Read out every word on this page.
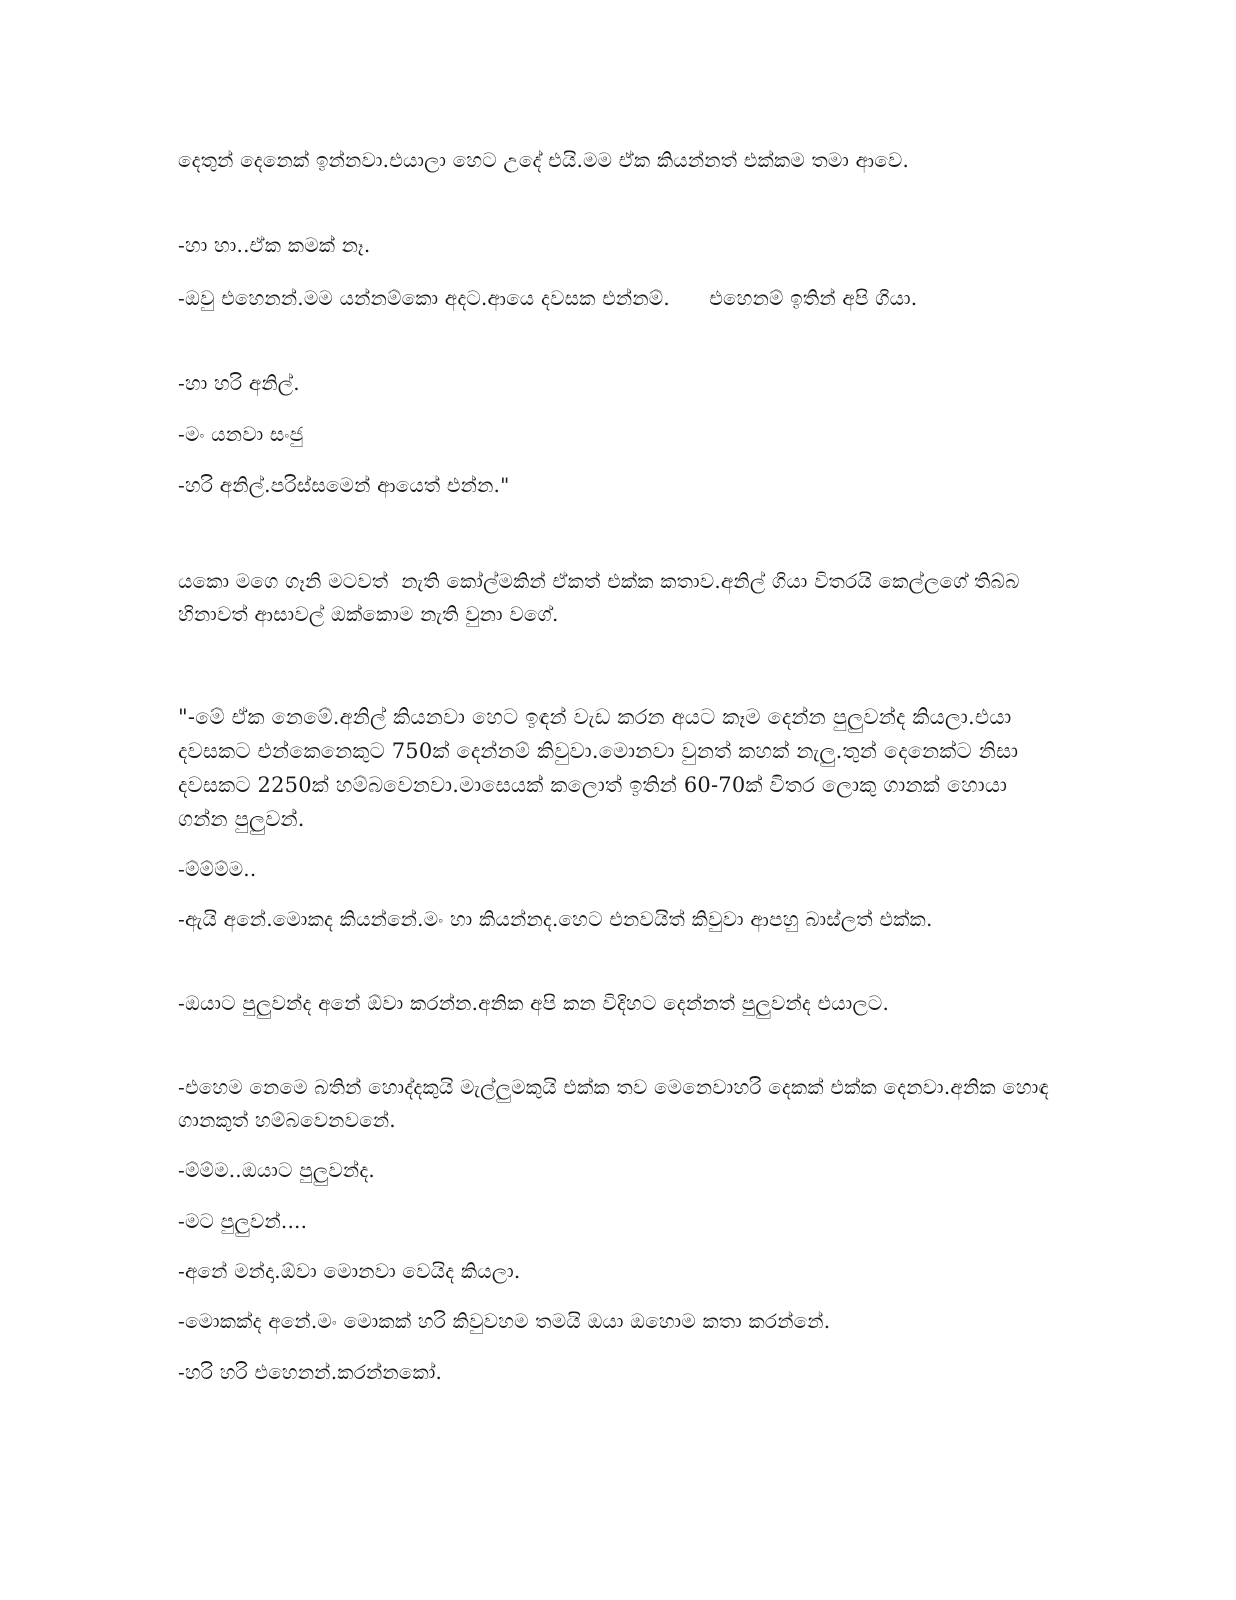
දෙතුන් දෙනෙක් ඉන්නවා.එයාලා හෙට උදේ එයි.මම ඒක කියන්නත් එක්කම තමා ආවෙ.

-හා හා..ඒක කමක් නෑ.

-ඔවු එහෙනන්.මම යන්නම්කො අදට.ආයෙ දවසක එන්නම්.      එහෙනම් ඉතින් අපි ගියා.

-හා හරි අනිල්.

-මං යනවා සංජු

-හරි අනිල්.පරිස්සමෙන් ආයෙත් එන්න."

යකො මගෙ ගෑනි මටවත්  නැති කෝල්මකින් ඒකත් එක්ක කතාව.අනිල් ගියා විතරයි කෙල්ලගේ තිබ්බ හිනාවත් ආසාවල් ඔක්කොම නැති වුනා වගේ.

"-මේ ඒක නෙමේ.අනිල් කියනවා හෙට ඉඳන් වැඩ කරන අයට කෑම දෙන්න පුලුවන්ද කියලා.එයා දවසකට එන්කෙනෙකුට 750ක් දෙන්නම් කිවුවා.මොනවා වුනත් කහක් නැලු.තුන් දෙනෙක්ට නිසා දවසකට 2250ක් හම්බවෙනවා.මාසෙයක් කලොත් ඉතින් 60-70ක් විතර ලොකු ගානක් හොයා ගන්න පුලුවන්.

-ම්ම්ම්ම..

-ඇයි අනේ.මොකද කියන්නේ.මං හා කියන්නද.හෙට එනවයිත් කිවුවා ආපහු බාස්ලත් එක්ක.

-ඔයාට පුලුවන්ද අනේ ඕවා කරන්න.අනික අපි කන විදිහට දෙන්නත් පුලුවන්ද එයාලට.

-එහෙම නෙමෙ බතින් හොද්දකුයි මැල්ලුමකුයි එක්ක තව මෙනෙවාහරි දෙකක් එක්ක දෙනවා.අනික හොඳ ගානකුත් හම්බවෙනවනේ.

-ම්ම්ම..ඔයාට පුලුවන්ද.

-මට පුලුවන්....

-අනේ මන්දා.ඕවා මොනවා වෙයිද කියලා.

-මොකක්ද අනේ.මං මොකක් හරි කිවුවහම තමයි ඔයා ඔහොම කතා කරන්නේ.

-හරි හරි එහෙනන්.කරන්නකෝ.
